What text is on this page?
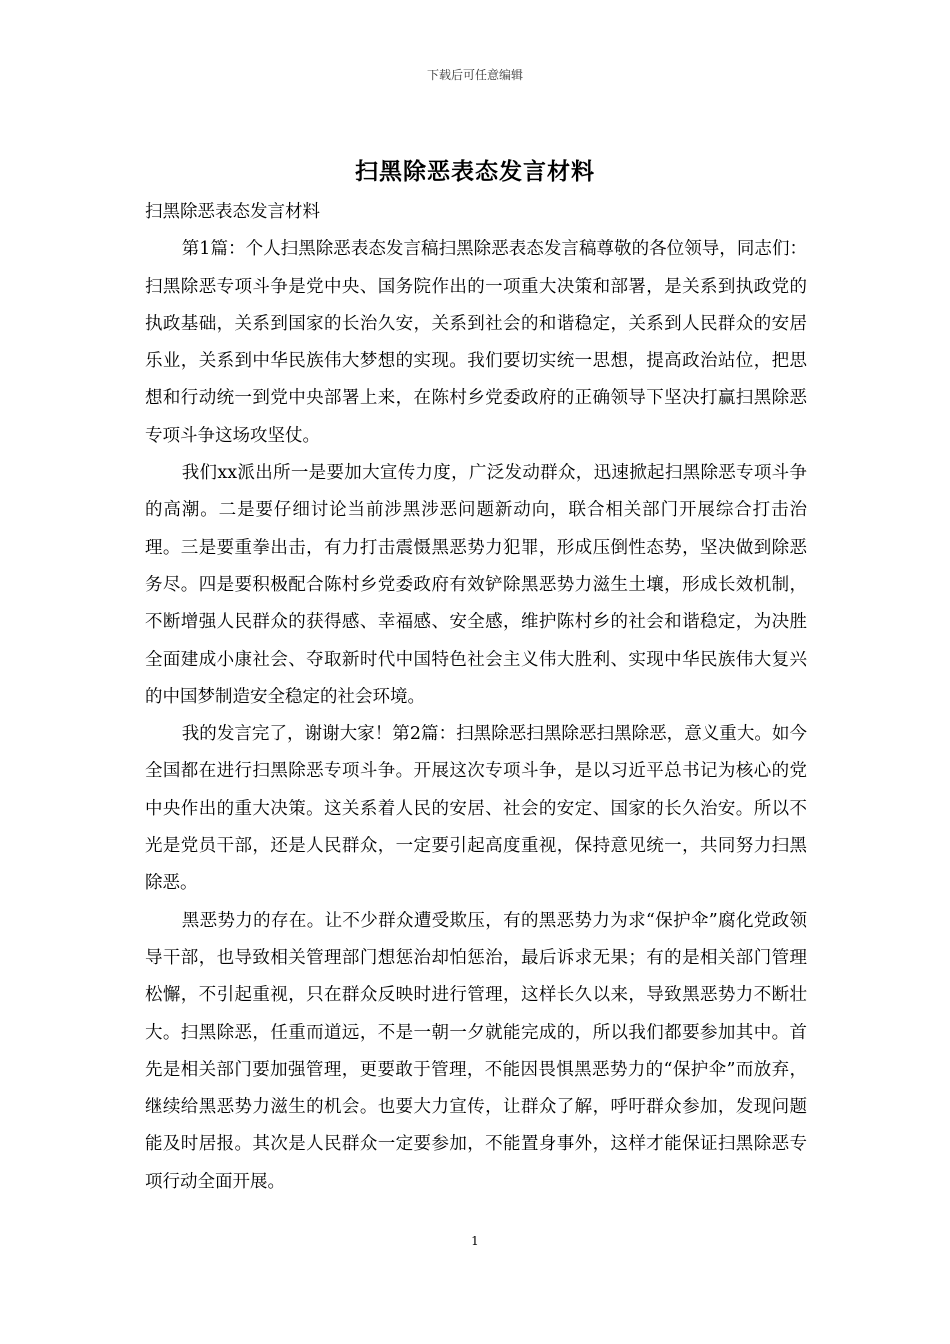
下载后可任意编辑
扫黑除恶表态发言材料

扫黑除恶表态发言材料

第1篇：个人扫黑除恶表态发言稿扫黑除恶表态发言稿尊敬的各位领导，同志们：扫黑除恶专项斗争是党中央、国务院作出的一项重大决策和部署，是关系到执政党的执政基础，关系到国家的长治久安，关系到社会的和谐稳定，关系到人民群众的安居乐业，关系到中华民族伟大梦想的实现。我们要切实统一思想，提高政治站位，把思想和行动统一到党中央部署上来，在陈村乡党委政府的正确领导下坚决打赢扫黑除恶专项斗争这场攻坚仗。

我们xx派出所一是要加大宣传力度，广泛发动群众，迅速掀起扫黑除恶专项斗争的高潮。二是要仔细讨论当前涉黑涉恶问题新动向，联合相关部门开展综合打击治理。三是要重拳出击，有力打击震慑黑恶势力犯罪，形成压倒性态势，坚决做到除恶务尽。四是要积极配合陈村乡党委政府有效铲除黑恶势力滋生土壤，形成长效机制，不断增强人民群众的获得感、幸福感、安全感，维护陈村乡的社会和谐稳定，为决胜全面建成小康社会、夺取新时代中国特色社会主义伟大胜利、实现中华民族伟大复兴的中国梦制造安全稳定的社会环境。

我的发言完了，谢谢大家！第2篇：扫黑除恶扫黑除恶扫黑除恶，意义重大。如今全国都在进行扫黑除恶专项斗争。开展这次专项斗争，是以习近平总书记为核心的党中央作出的重大决策。这关系着人民的安居、社会的安定、国家的长久治安。所以不光是党员干部，还是人民群众，一定要引起高度重视，保持意见统一，共同努力扫黑除恶。

黑恶势力的存在。让不少群众遭受欺压，有的黑恶势力为求“保护伞”腐化党政领导干部，也导致相关管理部门想惩治却怕惩治，最后诉求无果；有的是相关部门管理松懈，不引起重视，只在群众反映时进行管理，这样长久以来，导致黑恶势力不断壮大。扫黑除恶，任重而道远，不是一朝一夕就能完成的，所以我们都要参加其中。首先是相关部门要加强管理，更要敢于管理，不能因畏惧黑恶势力的“保护伞”而放弃，继续给黑恶势力滋生的机会。也要大力宣传，让群众了解，呼吁群众参加，发现问题能及时居报。其次是人民群众一定要参加，不能置身事外，这样才能保证扫黑除恶专项行动全面开展。

1
